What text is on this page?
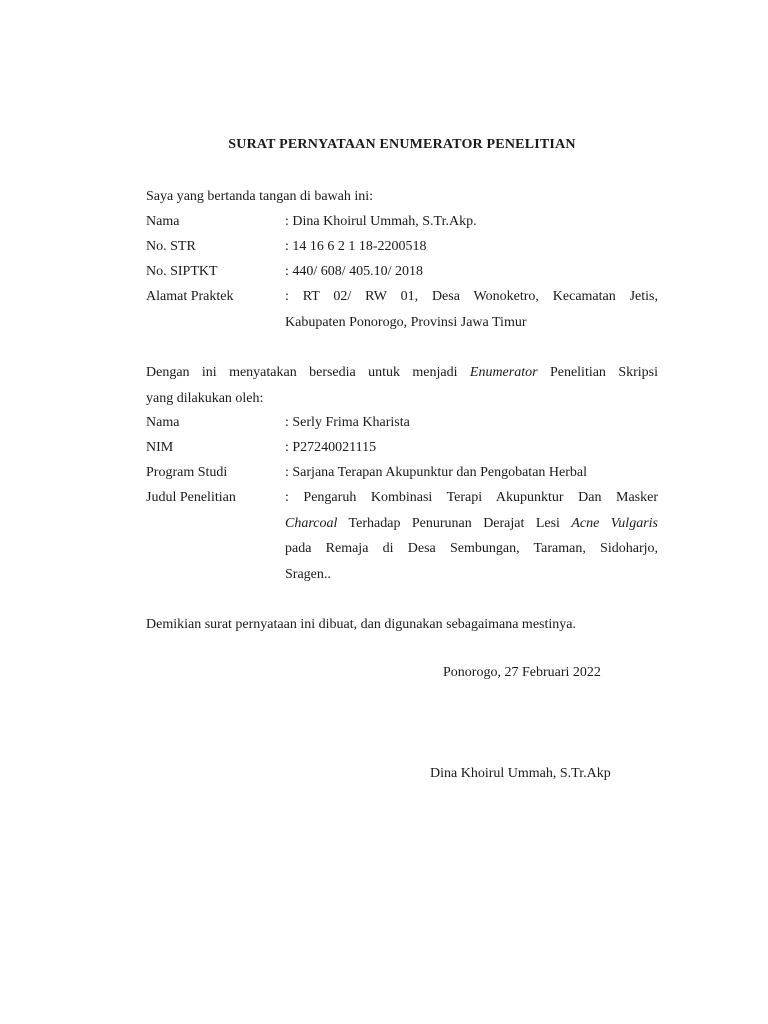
SURAT PERNYATAAN ENUMERATOR PENELITIAN
Saya yang bertanda tangan di bawah ini:
Nama	: Dina Khoirul Ummah, S.Tr.Akp.
No. STR	: 14 16 6 2 1 18-2200518
No. SIPTKT	: 440/ 608/ 405.10/ 2018
Alamat Praktek	: RT 02/ RW 01, Desa Wonoketro, Kecamatan Jetis,
Kabupaten Ponorogo, Provinsi Jawa Timur
Dengan ini menyatakan bersedia untuk menjadi Enumerator Penelitian Skripsi
yang dilakukan oleh:
Nama	: Serly Frima Kharista
NIM	: P27240021115
Program Studi	: Sarjana Terapan Akupunktur dan Pengobatan Herbal
Judul Penelitian	: Pengaruh Kombinasi Terapi Akupunktur Dan Masker
Charcoal Terhadap Penurunan Derajat Lesi Acne Vulgaris
pada Remaja di Desa Sembungan, Taraman, Sidoharjo,
Sragen..
Demikian surat pernyataan ini dibuat, dan digunakan sebagaimana mestinya.
Ponorogo, 27 Februari 2022
Dina Khoirul Ummah, S.Tr.Akp
